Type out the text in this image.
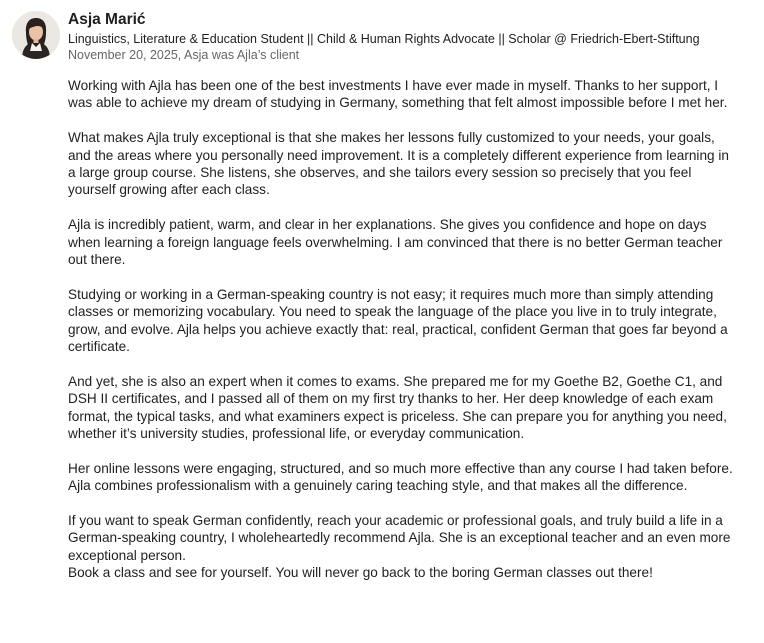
Asja Marić
Linguistics, Literature & Education Student || Child & Human Rights Advocate || Scholar @ Friedrich-Ebert-Stiftung
November 20, 2025, Asja was Ajla’s client

Working with Ajla has been one of the best investments I have ever made in myself. Thanks to her support, I was able to achieve my dream of studying in Germany, something that felt almost impossible before I met her.

What makes Ajla truly exceptional is that she makes her lessons fully customized to your needs, your goals, and the areas where you personally need improvement. It is a completely different experience from learning in a large group course. She listens, she observes, and she tailors every session so precisely that you feel yourself growing after each class.

Ajla is incredibly patient, warm, and clear in her explanations. She gives you confidence and hope on days when learning a foreign language feels overwhelming. I am convinced that there is no better German teacher out there.

Studying or working in a German-speaking country is not easy; it requires much more than simply attending classes or memorizing vocabulary. You need to speak the language of the place you live in to truly integrate, grow, and evolve. Ajla helps you achieve exactly that: real, practical, confident German that goes far beyond a certificate.

And yet, she is also an expert when it comes to exams. She prepared me for my Goethe B2, Goethe C1, and DSH II certificates, and I passed all of them on my first try thanks to her. Her deep knowledge of each exam format, the typical tasks, and what examiners expect is priceless. She can prepare you for anything you need, whether it’s university studies, professional life, or everyday communication.

Her online lessons were engaging, structured, and so much more effective than any course I had taken before. Ajla combines professionalism with a genuinely caring teaching style, and that makes all the difference.

If you want to speak German confidently, reach your academic or professional goals, and truly build a life in a German-speaking country, I wholeheartedly recommend Ajla. She is an exceptional teacher and an even more exceptional person.

Book a class and see for yourself. You will never go back to the boring German classes out there!
